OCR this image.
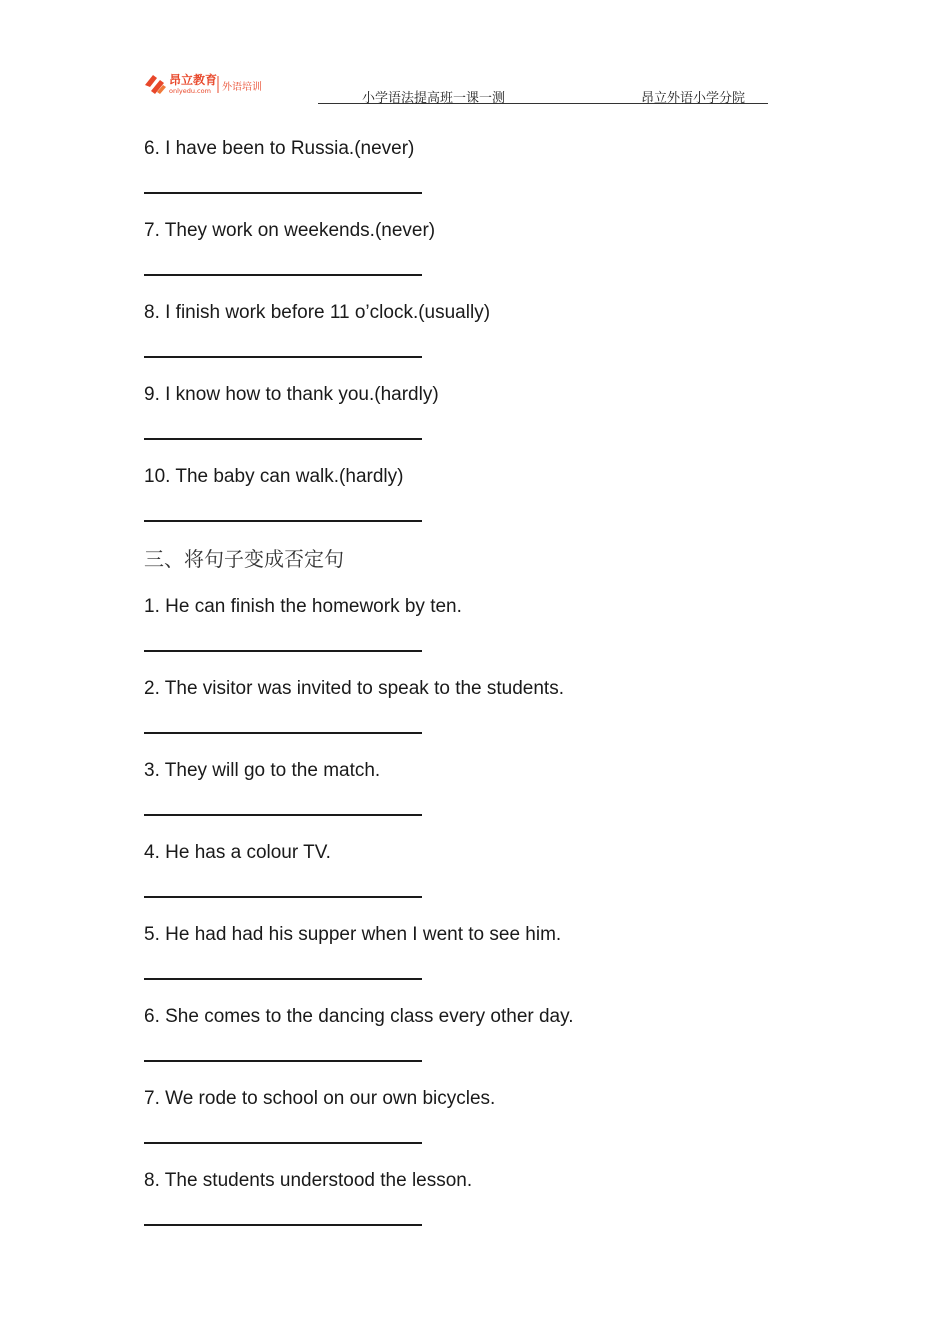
昂立教育
onlyedu.com 外语培训
小学语法提高班一课一测	昂立外语小学分院
6. I have been to Russia.(never)
7. They work on weekends.(never)
8. I finish work before 11 o’clock.(usually)
9. I know how to thank you.(hardly)
10. The baby can walk.(hardly)
三、将句子变成否定句
1. He can finish the homework by ten.
2. The visitor was invited to speak to the students.
3. They will go to the match.
4. He has a colour TV.
5. He had had his supper when I went to see him.
6. She comes to the dancing class every other day.
7. We rode to school on our own bicycles.
8. The students understood the lesson.
